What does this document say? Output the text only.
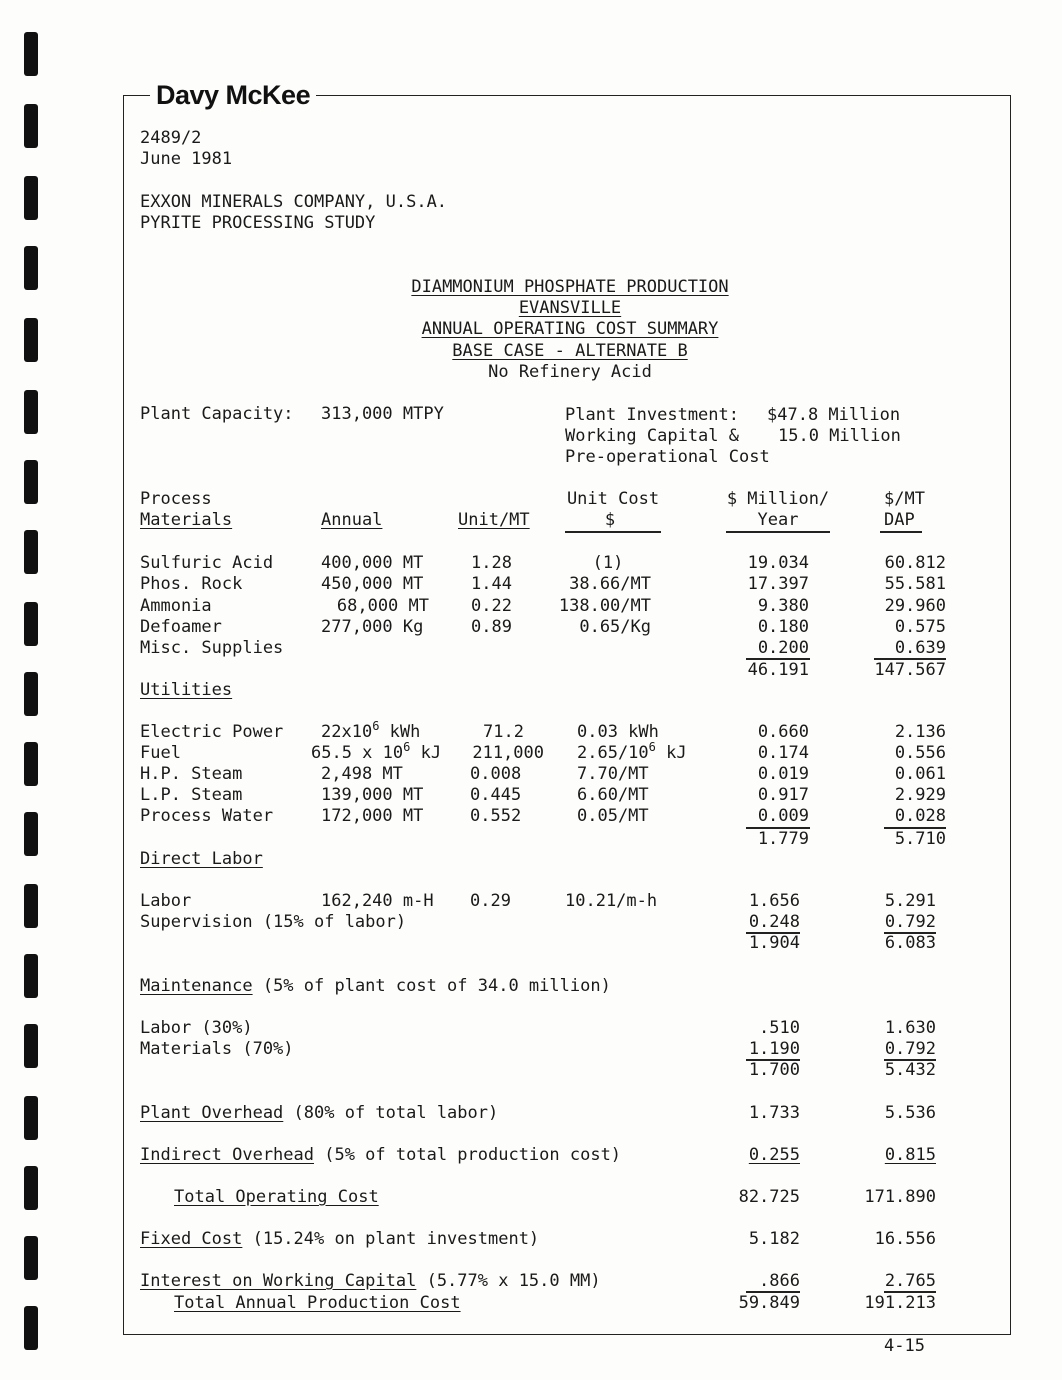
Davy McKee
2489/2
June 1981
EXXON MINERALS COMPANY, U.S.A.
PYRITE PROCESSING STUDY
DIAMMONIUM PHOSPHATE PRODUCTION
EVANSVILLE
ANNUAL OPERATING COST SUMMARY
BASE CASE - ALTERNATE B
No Refinery Acid
Plant Capacity: 313,000 MTPY	Plant Investment: $47.8 Million
Working Capital & 15.0 Million
Pre-operational Cost
Process
Materials	Annual	Unit/MT
Unit Cost
$
$ Million/
Year
$/MT
DAP
Sulfuric Acid	400,000 MT	1.28	(1)	19.034	60.812
Phos. Rock	450,000 MT	1.44	38.66/MT	17.397	55.581
Ammonia	68,000 MT	0.22	138.00/MT	9.380	29.960
Defoamer	277,000 Kg	0.89	0.65/Kg	0.180	0.575
Misc. Supplies	0.200	0.639
46.191	147.567
Utilities
Electric Power $22x10^6$ kWh	71.2	0.03 kWh	0.660	2.136
Fuel	65.5 x $10^6$ kJ	211,000 $2.65/10^6$ kJ	0.174	0.556
H.P. Steam	2,498 MT	0.008	7.70/MT	0.019	0.061
L.P. Steam	139,000 MT	0.445	6.60/MT	0.917	2.929
Process Water	172,000 MT	0.552	0.05/MT	0.009	0.028
1.779	5.710
Direct Labor
Labor	162,240 m-H 0.29	10.21/m-h	1.656	5.291
Supervision (15% of labor)	0.248	0.792
1.904	6.083
Maintenance (5% of plant cost of 34.0 million)
Labor (30%)	.510	1.630
Materials (70%)	1.190	0.792
1.700	5.432
Plant Overhead (80% of total labor)	1.733	5.536
Indirect Overhead (5% of total production cost)	0.255	0.815
Total Operating Cost	82.725	171.890
Fixed Cost (15.24% on plant investment)	5.182	16.556
Interest on Working Capital (5.77% x 15.0 MM)	.866	2.765
Total Annual Production Cost	59.849	191.213
4-15
